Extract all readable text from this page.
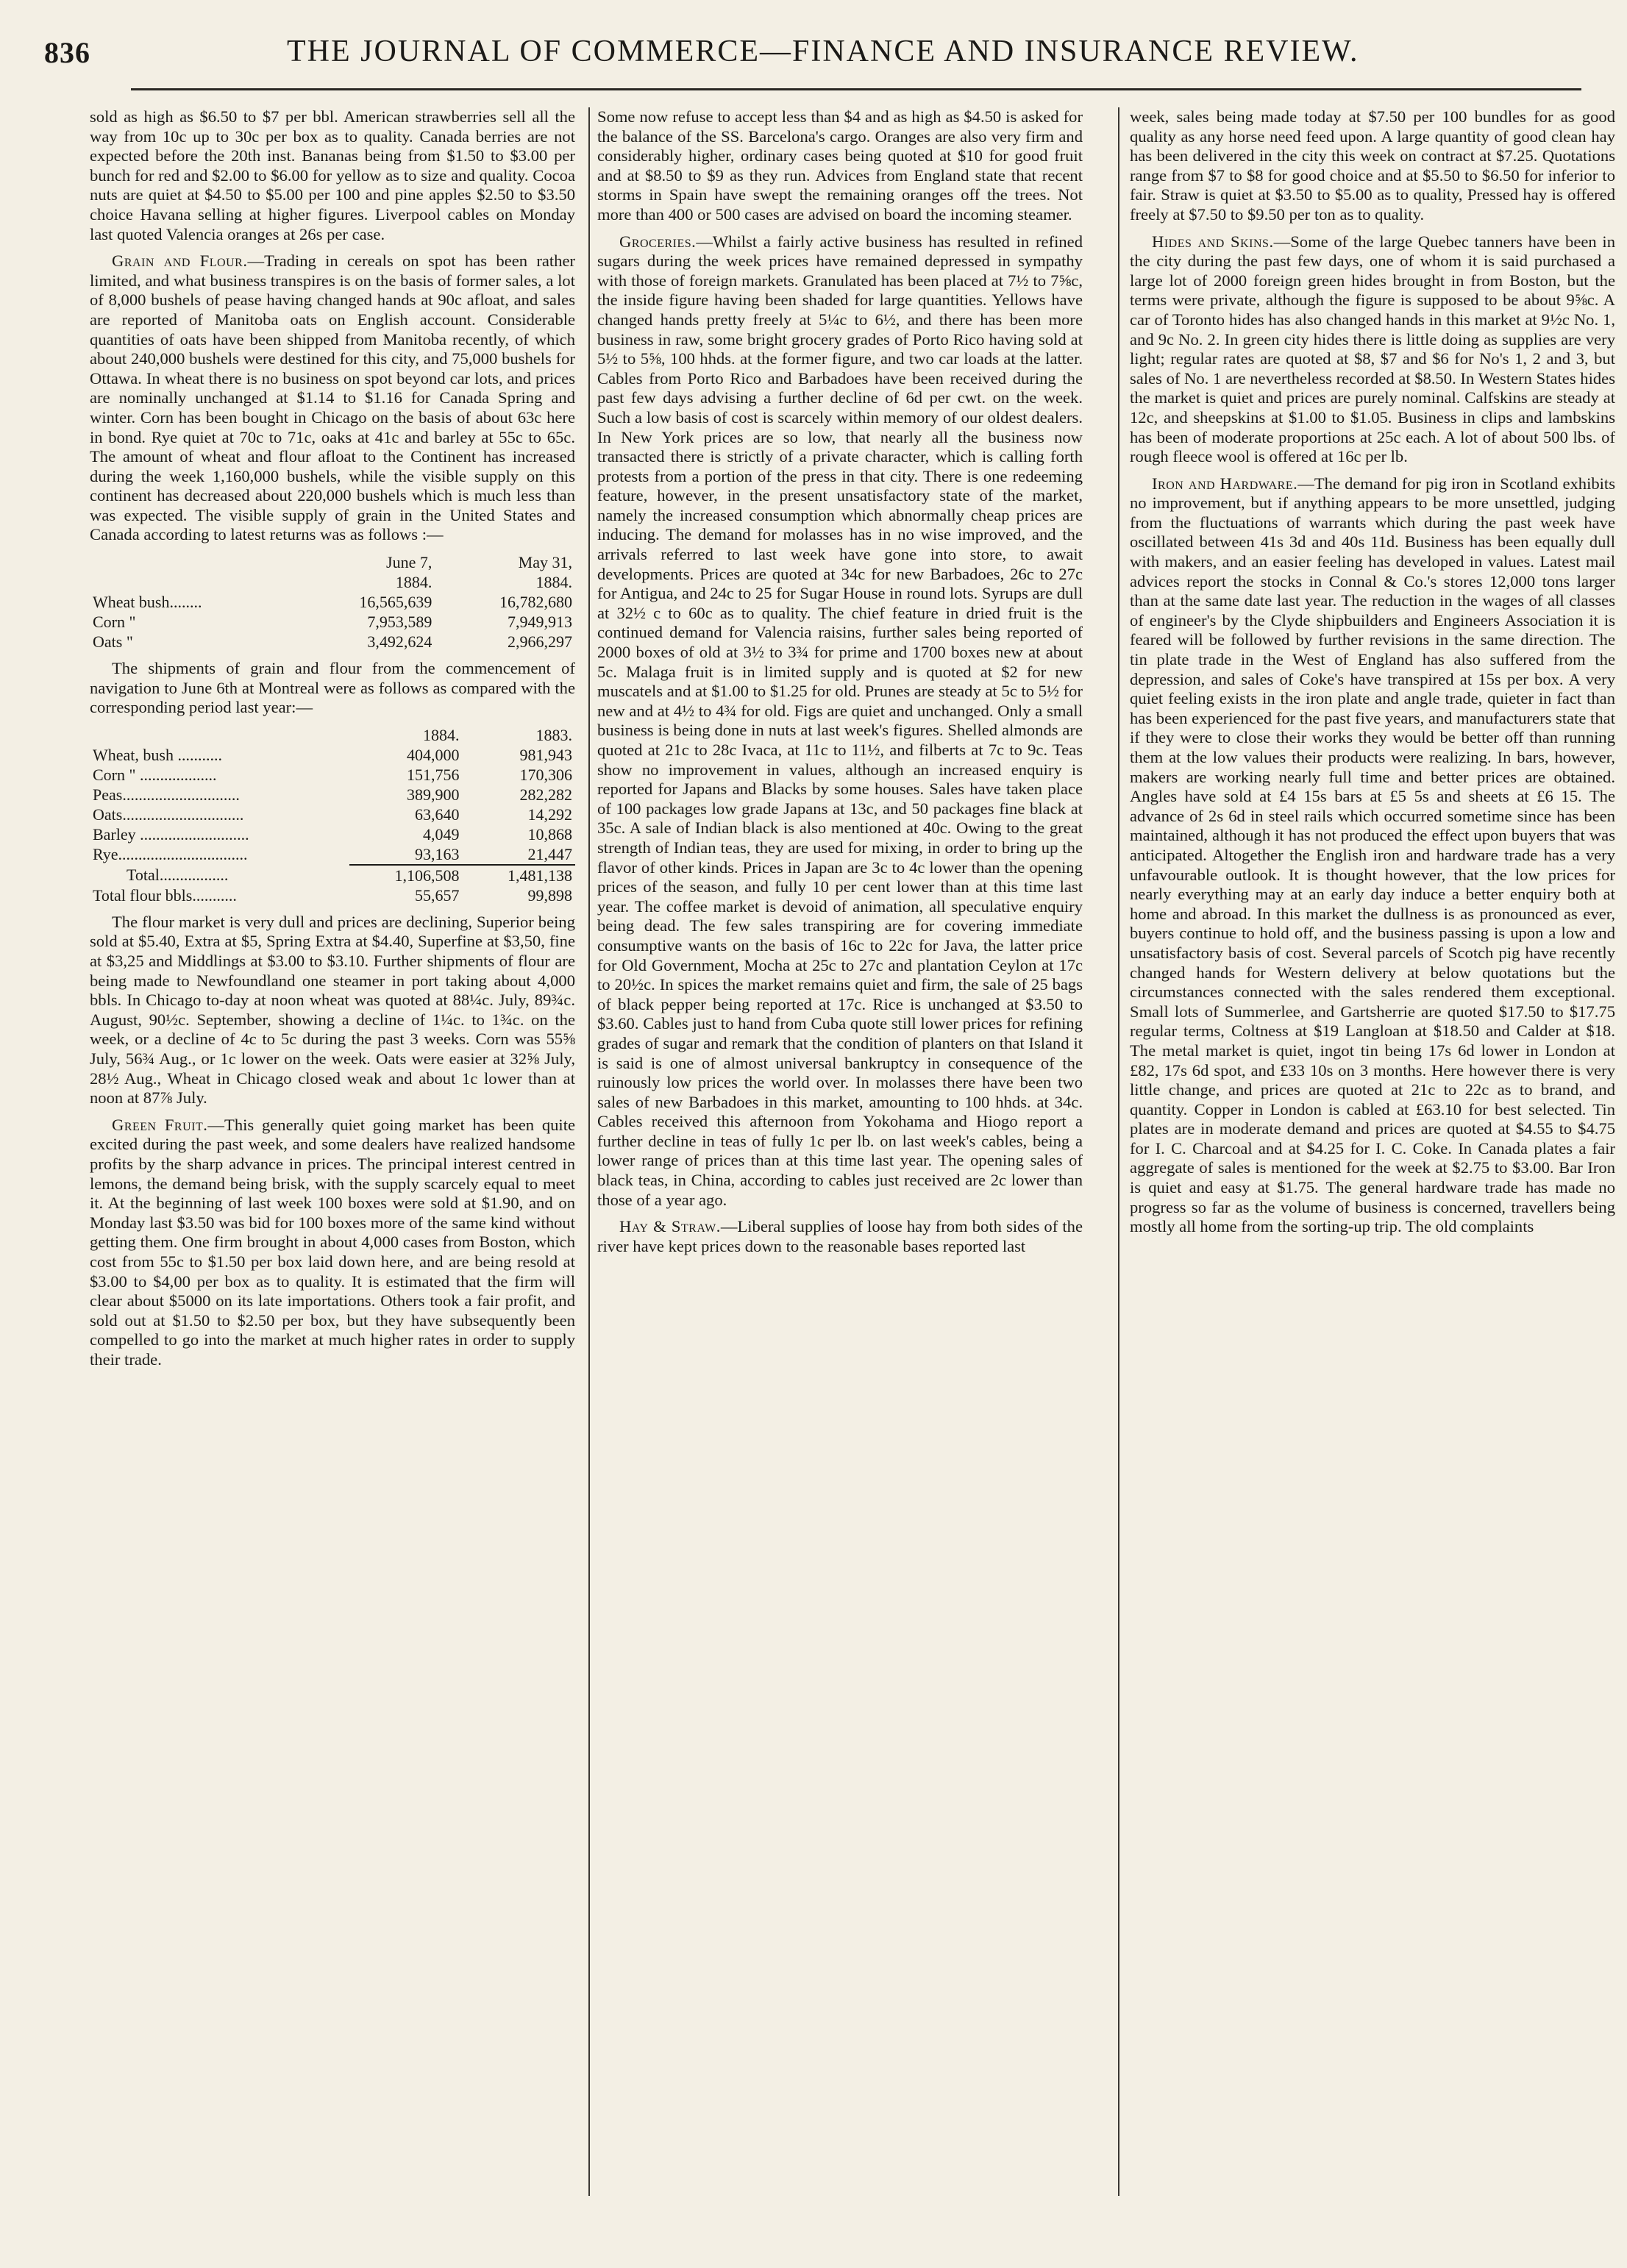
836	THE JOURNAL OF COMMERCE—FINANCE AND INSURANCE REVIEW.

sold as high as $6.50 to $7 per bbl. American strawberries sell all the way from 10c up to 30c per box as to quality. Canada berries are not expected before the 20th inst. Bananas being from $1.50 to $3.00 per bunch for red and $2.00 to $6.00 for yellow as to size and quality. Cocoa nuts are quiet at $4.50 to $5.00 per 100 and pine apples $2.50 to $3.50 choice Havana selling at higher figures. Liverpool cables on Monday last quoted Valencia oranges at 26s per case.

Grain and Flour.—Trading in cereals on spot has been rather limited, and what business transpires is on the basis of former sales, a lot of 8,000 bushels of pease having changed hands at 90c afloat, and sales are reported of Manitoba oats on English account. Considerable quantities of oats have been shipped from Manitoba recently, of which about 240,000 bushels were destined for this city, and 75,000 bushels for Ottawa. In wheat there is no business on spot beyond car lots, and prices are nominally unchanged at $1.14 to $1.16 for Canada Spring and winter. Corn has been bought in Chicago on the basis of about 63c here in bond. Rye quiet at 70c to 71c, oaks at 41c and barley at 55c to 65c. The amount of wheat and flour afloat to the Continent has increased during the week 1,160,000 bushels, while the visible supply on this continent has decreased about 220,000 bushels which is much less than was expected. The visible supply of grain in the United States and Canada according to latest returns was as follows :—

	June 7,	May 31,
	1884.	1884.
Wheat bush........	16,565,639	16,782,680
Corn "	7,953,589	7,949,913
Oats "	3,492,624	2,966,297

The shipments of grain and flour from the commencement of navigation to June 6th at Montreal were as follows as compared with the corresponding period last year:—

	1884.	1883.
Wheat, bush ...........	404,000	981,943
Corn " ...................	151,756	170,306
Peas.............................	389,900	282,282
Oats..............................	63,640	14,292
Barley ...........................	4,049	10,868
Rye................................	93,163	21,447
Total.................	1,106,508	1,481,138
Total flour bbls...........	55,657	99,898

The flour market is very dull and prices are declining, Superior being sold at $5.40, Extra at $5, Spring Extra at $4.40, Superfine at $3,50, fine at $3,25 and Middlings at $3.00 to $3.10. Further shipments of flour are being made to Newfoundland one steamer in port taking about 4,000 bbls. In Chicago to-day at noon wheat was quoted at 88¼c. July, 89¾c. August, 90½c. September, showing a decline of 1¼c. to 1¾c. on the week, or a decline of 4c to 5c during the past 3 weeks. Corn was 55⅝ July, 56¾ Aug., or 1c lower on the week. Oats were easier at 32⅝ July, 28½ Aug., Wheat in Chicago closed weak and about 1c lower than at noon at 87⅞ July.

Green Fruit.—This generally quiet going market has been quite excited during the past week, and some dealers have realized handsome profits by the sharp advance in prices. The principal interest centred in lemons, the demand being brisk, with the supply scarcely equal to meet it. At the beginning of last week 100 boxes were sold at $1.90, and on Monday last $3.50 was bid for 100 boxes more of the same kind without getting them. One firm brought in about 4,000 cases from Boston, which cost from 55c to $1.50 per box laid down here, and are being resold at $3.00 to $4,00 per box as to quality. It is estimated that the firm will clear about $5000 on its late importations. Others took a fair profit, and sold out at $1.50 to $2.50 per box, but they have subsequently been compelled to go into the market at much higher rates in order to supply their trade.

Some now refuse to accept less than $4 and as high as $4.50 is asked for the balance of the SS. Barcelona's cargo. Oranges are also very firm and considerably higher, ordinary cases being quoted at $10 for good fruit and at $8.50 to $9 as they run. Advices from England state that recent storms in Spain have swept the remaining oranges off the trees. Not more than 400 or 500 cases are advised on board the incoming steamer.

Groceries.—Whilst a fairly active business has resulted in refined sugars during the week prices have remained depressed in sympathy with those of foreign markets. Granulated has been placed at 7½ to 7⅝c, the inside figure having been shaded for large quantities. Yellows have changed hands pretty freely at 5¼c to 6½, and there has been more business in raw, some bright grocery grades of Porto Rico having sold at 5½ to 5⅝, 100 hhds. at the former figure, and two car loads at the latter. Cables from Porto Rico and Barbadoes have been received during the past few days advising a further decline of 6d per cwt. on the week. Such a low basis of cost is scarcely within memory of our oldest dealers. In New York prices are so low, that nearly all the business now transacted there is strictly of a private character, which is calling forth protests from a portion of the press in that city. There is one redeeming feature, however, in the present unsatisfactory state of the market, namely the increased consumption which abnormally cheap prices are inducing. The demand for molasses has in no wise improved, and the arrivals referred to last week have gone into store, to await developments. Prices are quoted at 34c for new Barbadoes, 26c to 27c for Antigua, and 24c to 25 for Sugar House in round lots. Syrups are dull at 32½ c to 60c as to quality. The chief feature in dried fruit is the continued demand for Valencia raisins, further sales being reported of 2000 boxes of old at 3½ to 3¾ for prime and 1700 boxes new at about 5c. Malaga fruit is in limited supply and is quoted at $2 for new muscatels and at $1.00 to $1.25 for old. Prunes are steady at 5c to 5½ for new and at 4½ to 4¾ for old. Figs are quiet and unchanged. Only a small business is being done in nuts at last week's figures. Shelled almonds are quoted at 21c to 28c Ivaca, at 11c to 11½, and filberts at 7c to 9c. Teas show no improvement in values, although an increased enquiry is reported for Japans and Blacks by some houses. Sales have taken place of 100 packages low grade Japans at 13c, and 50 packages fine black at 35c. A sale of Indian black is also mentioned at 40c. Owing to the great strength of Indian teas, they are used for mixing, in order to bring up the flavor of other kinds. Prices in Japan are 3c to 4c lower than the opening prices of the season, and fully 10 per cent lower than at this time last year. The coffee market is devoid of animation, all speculative enquiry being dead. The few sales transpiring are for covering immediate consumptive wants on the basis of 16c to 22c for Java, the latter price for Old Government, Mocha at 25c to 27c and plantation Ceylon at 17c to 20½c. In spices the market remains quiet and firm, the sale of 25 bags of black pepper being reported at 17c. Rice is unchanged at $3.50 to $3.60. Cables just to hand from Cuba quote still lower prices for refining grades of sugar and remark that the condition of planters on that Island it is said is one of almost universal bankruptcy in consequence of the ruinously low prices the world over. In molasses there have been two sales of new Barbadoes in this market, amounting to 100 hhds. at 34c. Cables received this afternoon from Yokohama and Hiogo report a further decline in teas of fully 1c per lb. on last week's cables, being a lower range of prices than at this time last year. The opening sales of black teas, in China, according to cables just received are 2c lower than those of a year ago.

Hay & Straw.—Liberal supplies of loose hay from both sides of the river have kept prices down to the reasonable bases reported last

week, sales being made today at $7.50 per 100 bundles for as good quality as any horse need feed upon. A large quantity of good clean hay has been delivered in the city this week on contract at $7.25. Quotations range from $7 to $8 for good choice and at $5.50 to $6.50 for inferior to fair. Straw is quiet at $3.50 to $5.00 as to quality, Pressed hay is offered freely at $7.50 to $9.50 per ton as to quality.

Hides and Skins.—Some of the large Quebec tanners have been in the city during the past few days, one of whom it is said purchased a large lot of 2000 foreign green hides brought in from Boston, but the terms were private, although the figure is supposed to be about 9⅝c. A car of Toronto hides has also changed hands in this market at 9½c No. 1, and 9c No. 2. In green city hides there is little doing as supplies are very light; regular rates are quoted at $8, $7 and $6 for No's 1, 2 and 3, but sales of No. 1 are nevertheless recorded at $8.50. In Western States hides the market is quiet and prices are purely nominal. Calfskins are steady at 12c, and sheepskins at $1.00 to $1.05. Business in clips and lambskins has been of moderate proportions at 25c each. A lot of about 500 lbs. of rough fleece wool is offered at 16c per lb.

Iron and Hardware.—The demand for pig iron in Scotland exhibits no improvement, but if anything appears to be more unsettled, judging from the fluctuations of warrants which during the past week have oscillated between 41s 3d and 40s 11d. Business has been equally dull with makers, and an easier feeling has developed in values. Latest mail advices report the stocks in Connal & Co.'s stores 12,000 tons larger than at the same date last year. The reduction in the wages of all classes of engineer's by the Clyde shipbuilders and Engineers Association it is feared will be followed by further revisions in the same direction. The tin plate trade in the West of England has also suffered from the depression, and sales of Coke's have transpired at 15s per box. A very quiet feeling exists in the iron plate and angle trade, quieter in fact than has been experienced for the past five years, and manufacturers state that if they were to close their works they would be better off than running them at the low values their products were realizing. In bars, however, makers are working nearly full time and better prices are obtained. Angles have sold at £4 15s bars at £5 5s and sheets at £6 15. The advance of 2s 6d in steel rails which occurred sometime since has been maintained, although it has not produced the effect upon buyers that was anticipated. Altogether the English iron and hardware trade has a very unfavourable outlook. It is thought however, that the low prices for nearly everything may at an early day induce a better enquiry both at home and abroad. In this market the dullness is as pronounced as ever, buyers continue to hold off, and the business passing is upon a low and unsatisfactory basis of cost. Several parcels of Scotch pig have recently changed hands for Western delivery at below quotations but the circumstances connected with the sales rendered them exceptional. Small lots of Summerlee, and Gartsherrie are quoted $17.50 to $17.75 regular terms, Coltness at $19 Langloan at $18.50 and Calder at $18. The metal market is quiet, ingot tin being 17s 6d lower in London at £82, 17s 6d spot, and £33 10s on 3 months. Here however there is very little change, and prices are quoted at 21c to 22c as to brand, and quantity. Copper in London is cabled at £63.10 for best selected. Tin plates are in moderate demand and prices are quoted at $4.55 to $4.75 for I. C. Charcoal and at $4.25 for I. C. Coke. In Canada plates a fair aggregate of sales is mentioned for the week at $2.75 to $3.00. Bar Iron is quiet and easy at $1.75. The general hardware trade has made no progress so far as the volume of business is concerned, travellers being mostly all home from the sorting-up trip. The old complaints
